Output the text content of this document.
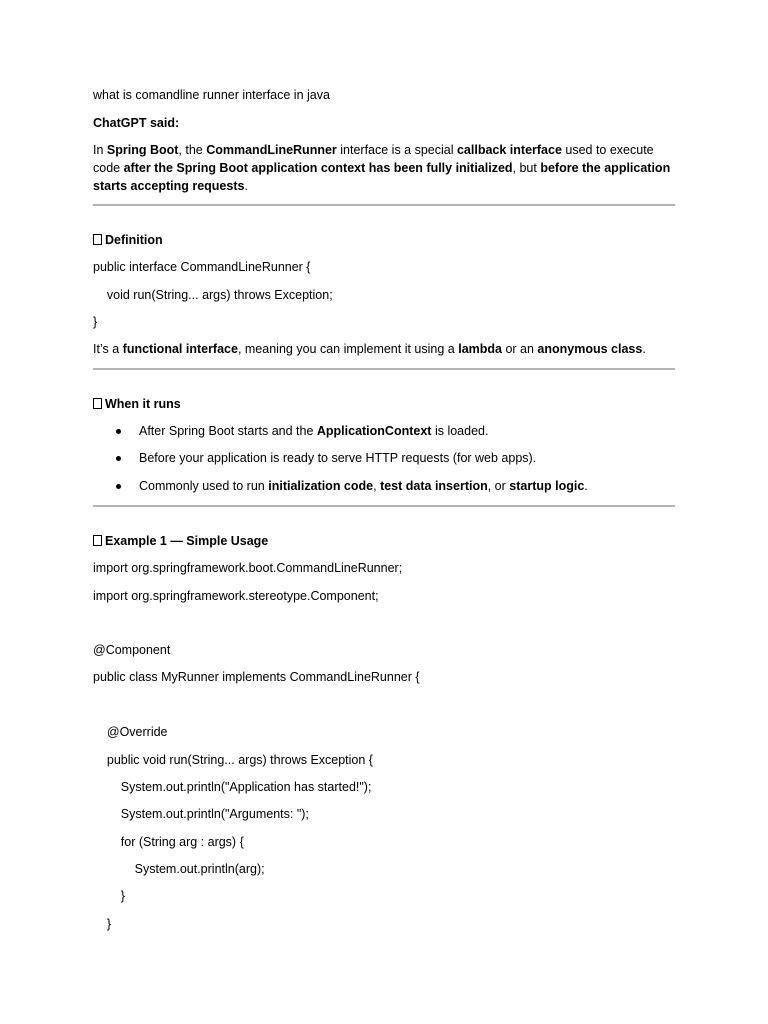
what is comandline runner interface in java
ChatGPT said:
In Spring Boot, the CommandLineRunner interface is a special callback interface used to execute code after the Spring Boot application context has been fully initialized, but before the application starts accepting requests.
Definition
public interface CommandLineRunner {
void run(String... args) throws Exception;
}
It’s a functional interface, meaning you can implement it using a lambda or an anonymous class.
When it runs
After Spring Boot starts and the ApplicationContext is loaded.
Before your application is ready to serve HTTP requests (for web apps).
Commonly used to run initialization code, test data insertion, or startup logic.
Example 1 — Simple Usage
import org.springframework.boot.CommandLineRunner;
import org.springframework.stereotype.Component;
@Component
public class MyRunner implements CommandLineRunner {
@Override
public void run(String... args) throws Exception {
System.out.println("Application has started!");
System.out.println("Arguments: ");
for (String arg : args) {
System.out.println(arg);
}
}
